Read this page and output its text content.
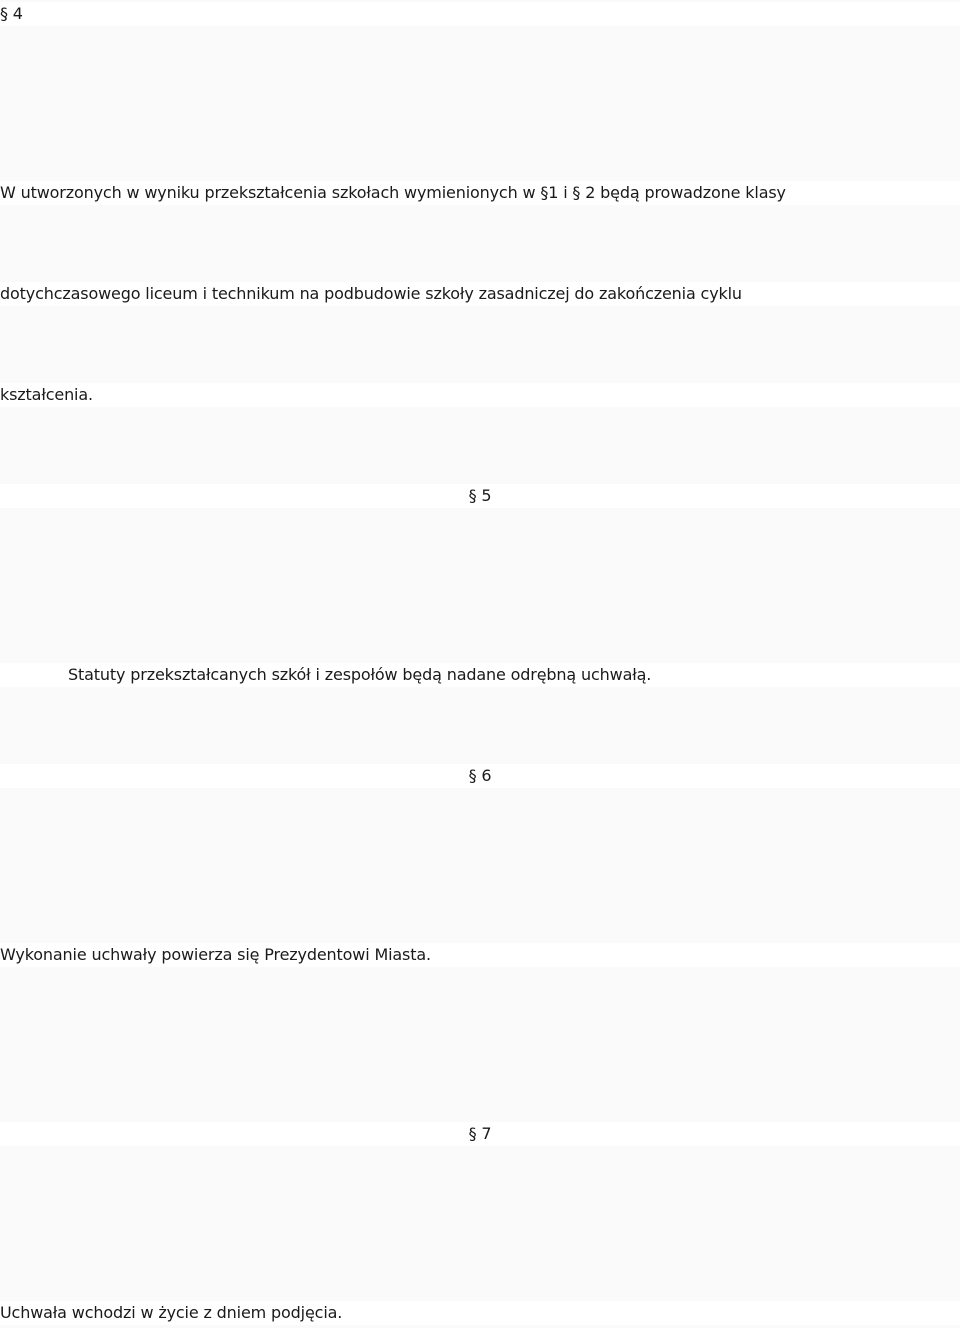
§ 4
W utworzonych w wyniku przekształcenia szkołach wymienionych w §1 i § 2 będą prowadzone klasy
dotychczasowego liceum i technikum na podbudowie szkoły zasadniczej do zakończenia cyklu
kształcenia.
§ 5
Statuty przekształcanych szkół i zespołów będą nadane odrębną uchwałą.
§ 6
Wykonanie uchwały powierza się Prezydentowi Miasta.
§ 7
Uchwała wchodzi w życie z dniem podjęcia.
